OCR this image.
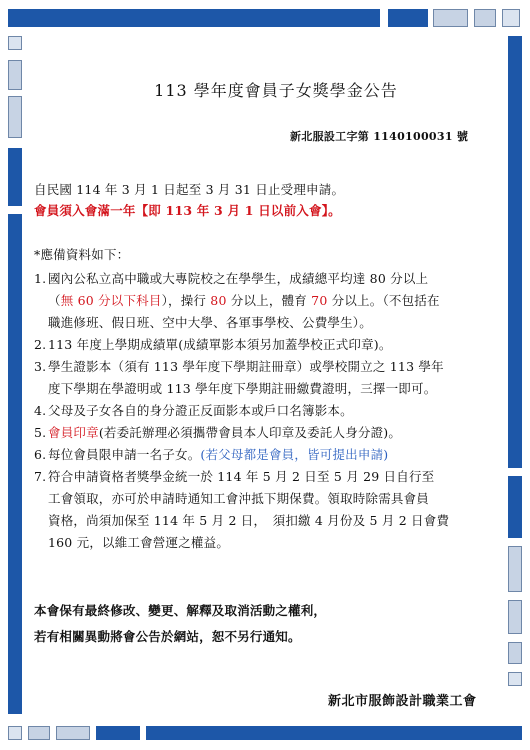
113 學年度會員子女獎學金公告
新北服設工字第 1140100031 號
自民國 114 年 3 月 1 日起至 3 月 31 日止受理申請。
會員須入會滿一年【即 113 年 3 月 1 日以前入會】。
*應備資料如下：
1. 國內公私立高中職或大專院校之在學學生，成績總平均達 80 分以上
（無 60 分以下科目），操行 80 分以上，體育 70 分以上。（不包括在
職進修班、假日班、空中大學、各軍事學校、公費學生）。
2. 113 年度上學期成績單(成績單影本須另加蓋學校正式印章)。
3. 學生證影本（須有 113 學年度下學期註冊章）或學校開立之 113 學年
度下學期在學證明或 113 學年度下學期註冊繳費證明，三擇一即可。
4. 父母及子女各自的身分證正反面影本或戶口名簿影本。
5. 會員印章(若委託辦理必須攜帶會員本人印章及委託人身分證)。
6. 每位會員限申請一名子女。(若父母都是會員，皆可提出申請)
7. 符合申請資格者獎學金統一於 114 年 5 月 2 日至 5 月 29 日自行至
工會領取，亦可於申請時通知工會沖抵下期保費。領取時除需具會員
資格，尚須加保至 114 年 5 月 2 日，　須扣繳 4 月份及 5 月 2 日會費
160 元，以維工會營運之權益。
本會保有最終修改、變更、解釋及取消活動之權利，
若有相關異動將會公告於網站，恕不另行通知。
新北市服飾設計職業工會
